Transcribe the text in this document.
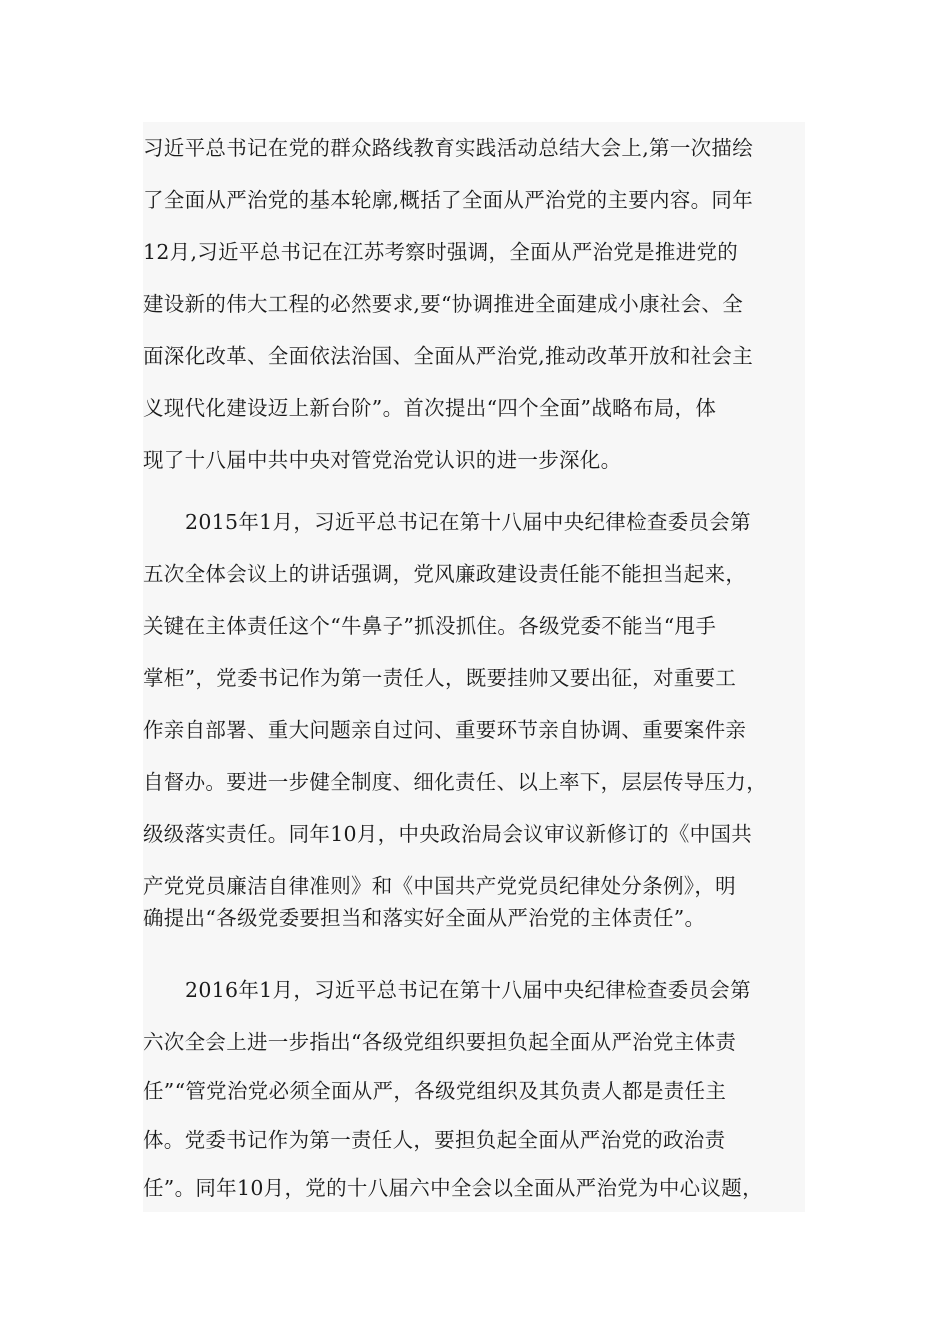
习近平总书记在党的群众路线教育实践活动总结大会上,第一次描绘
了全面从严治党的基本轮廓,概括了全面从严治党的主要内容。同年
12月,习近平总书记在江苏考察时强调，全面从严治党是推进党的
建设新的伟大工程的必然要求,要“协调推进全面建成小康社会、全
面深化改革、全面依法治国、全面从严治党,推动改革开放和社会主
义现代化建设迈上新台阶”。首次提出“四个全面”战略布局，体
现了十八届中共中央对管党治党认识的进一步深化。
2015年1月，习近平总书记在第十八届中央纪律检查委员会第
五次全体会议上的讲话强调，党风廉政建设责任能不能担当起来，
关键在主体责任这个“牛鼻子”抓没抓住。各级党委不能当“甩手
掌柜”，党委书记作为第一责任人，既要挂帅又要出征，对重要工
作亲自部署、重大问题亲自过问、重要环节亲自协调、重要案件亲
自督办。要进一步健全制度、细化责任、以上率下，层层传导压力，
级级落实责任。同年10月，中央政治局会议审议新修订的《中国共
产党党员廉洁自律准则》和《中国共产党党员纪律处分条例》，明
确提出“各级党委要担当和落实好全面从严治党的主体责任”。
2016年1月，习近平总书记在第十八届中央纪律检查委员会第
六次全会上进一步指出“各级党组织要担负起全面从严治党主体责
任”“管党治党必须全面从严，各级党组织及其负责人都是责任主
体。党委书记作为第一责任人，要担负起全面从严治党的政治责
任”。同年10月，党的十八届六中全会以全面从严治党为中心议题，
